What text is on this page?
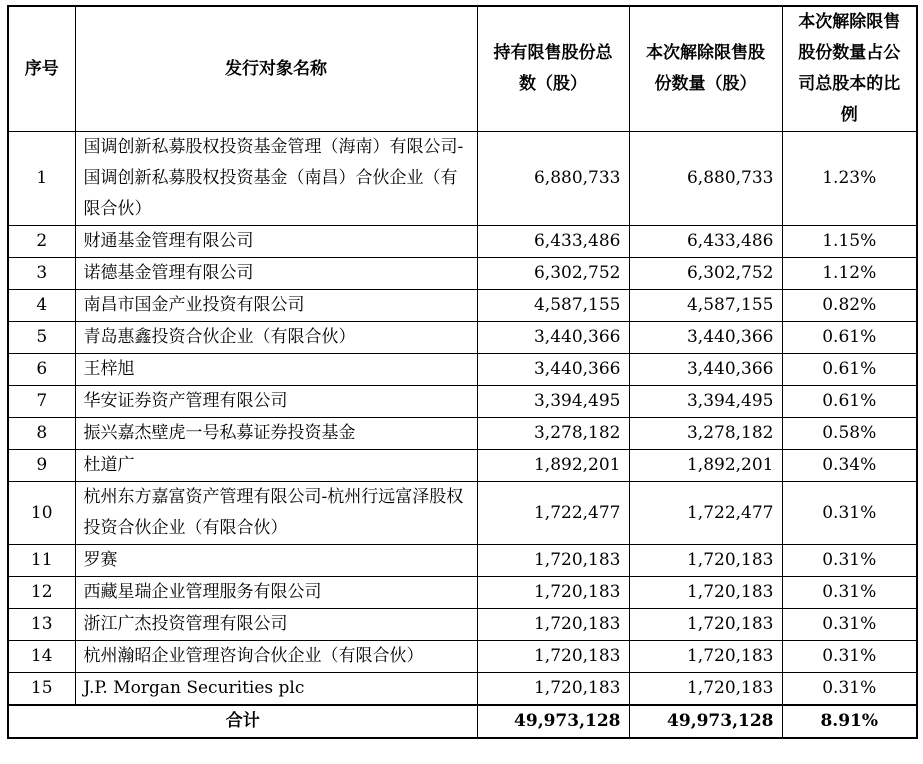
序号	发行对象名称	持有限售股份总数（股）	本次解除限售股份数量（股）	本次解除限售股份数量占公司总股本的比例
1	国调创新私募股权投资基金管理（海南）有限公司-国调创新私募股权投资基金（南昌）合伙企业（有限合伙）	6,880,733	6,880,733	1.23%
2	财通基金管理有限公司	6,433,486	6,433,486	1.15%
3	诺德基金管理有限公司	6,302,752	6,302,752	1.12%
4	南昌市国金产业投资有限公司	4,587,155	4,587,155	0.82%
5	青岛惠鑫投资合伙企业（有限合伙）	3,440,366	3,440,366	0.61%
6	王梓旭	3,440,366	3,440,366	0.61%
7	华安证券资产管理有限公司	3,394,495	3,394,495	0.61%
8	振兴嘉杰壁虎一号私募证券投资基金	3,278,182	3,278,182	0.58%
9	杜道广	1,892,201	1,892,201	0.34%
10	杭州东方嘉富资产管理有限公司-杭州行远富泽股权投资合伙企业（有限合伙）	1,722,477	1,722,477	0.31%
11	罗赛	1,720,183	1,720,183	0.31%
12	西藏星瑞企业管理服务有限公司	1,720,183	1,720,183	0.31%
13	浙江广杰投资管理有限公司	1,720,183	1,720,183	0.31%
14	杭州瀚昭企业管理咨询合伙企业（有限合伙）	1,720,183	1,720,183	0.31%
15	J.P. Morgan Securities plc	1,720,183	1,720,183	0.31%
合计		49,973,128	49,973,128	8.91%
